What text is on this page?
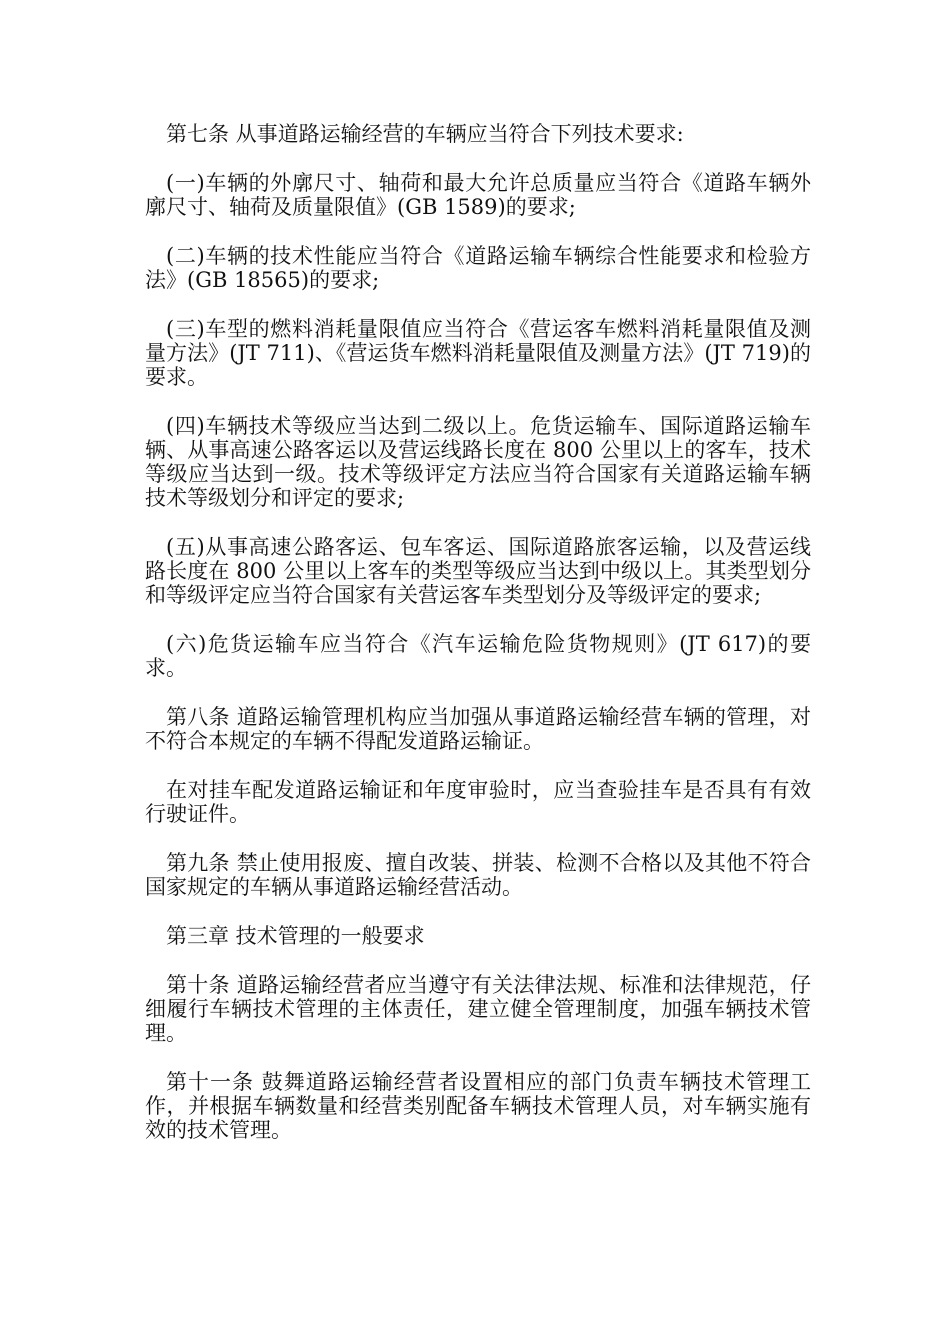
第七条 从事道路运输经营的车辆应当符合下列技术要求:

(一)车辆的外廓尺寸、轴荷和最大允许总质量应当符合《道路车辆外廓尺寸、轴荷及质量限值》(GB 1589)的要求;

(二)车辆的技术性能应当符合《道路运输车辆综合性能要求和检验方法》(GB 18565)的要求;

(三)车型的燃料消耗量限值应当符合《营运客车燃料消耗量限值及测量方法》(JT 711)、《营运货车燃料消耗量限值及测量方法》(JT 719)的要求。

(四)车辆技术等级应当达到二级以上。危货运输车、国际道路运输车辆、从事高速公路客运以及营运线路长度在 800 公里以上的客车，技术等级应当达到一级。技术等级评定方法应当符合国家有关道路运输车辆技术等级划分和评定的要求;

(五)从事高速公路客运、包车客运、国际道路旅客运输，以及营运线路长度在 800 公里以上客车的类型等级应当达到中级以上。其类型划分和等级评定应当符合国家有关营运客车类型划分及等级评定的要求;

(六)危货运输车应当符合《汽车运输危险货物规则》(JT 617)的要求。

第八条 道路运输管理机构应当加强从事道路运输经营车辆的管理，对不符合本规定的车辆不得配发道路运输证。

在对挂车配发道路运输证和年度审验时，应当查验挂车是否具有有效行驶证件。

第九条 禁止使用报废、擅自改装、拼装、检测不合格以及其他不符合国家规定的车辆从事道路运输经营活动。

第三章 技术管理的一般要求

第十条 道路运输经营者应当遵守有关法律法规、标准和法律规范，仔细履行车辆技术管理的主体责任，建立健全管理制度，加强车辆技术管理。

第十一条 鼓舞道路运输经营者设置相应的部门负责车辆技术管理工作，并根据车辆数量和经营类别配备车辆技术管理人员，对车辆实施有效的技术管理。
